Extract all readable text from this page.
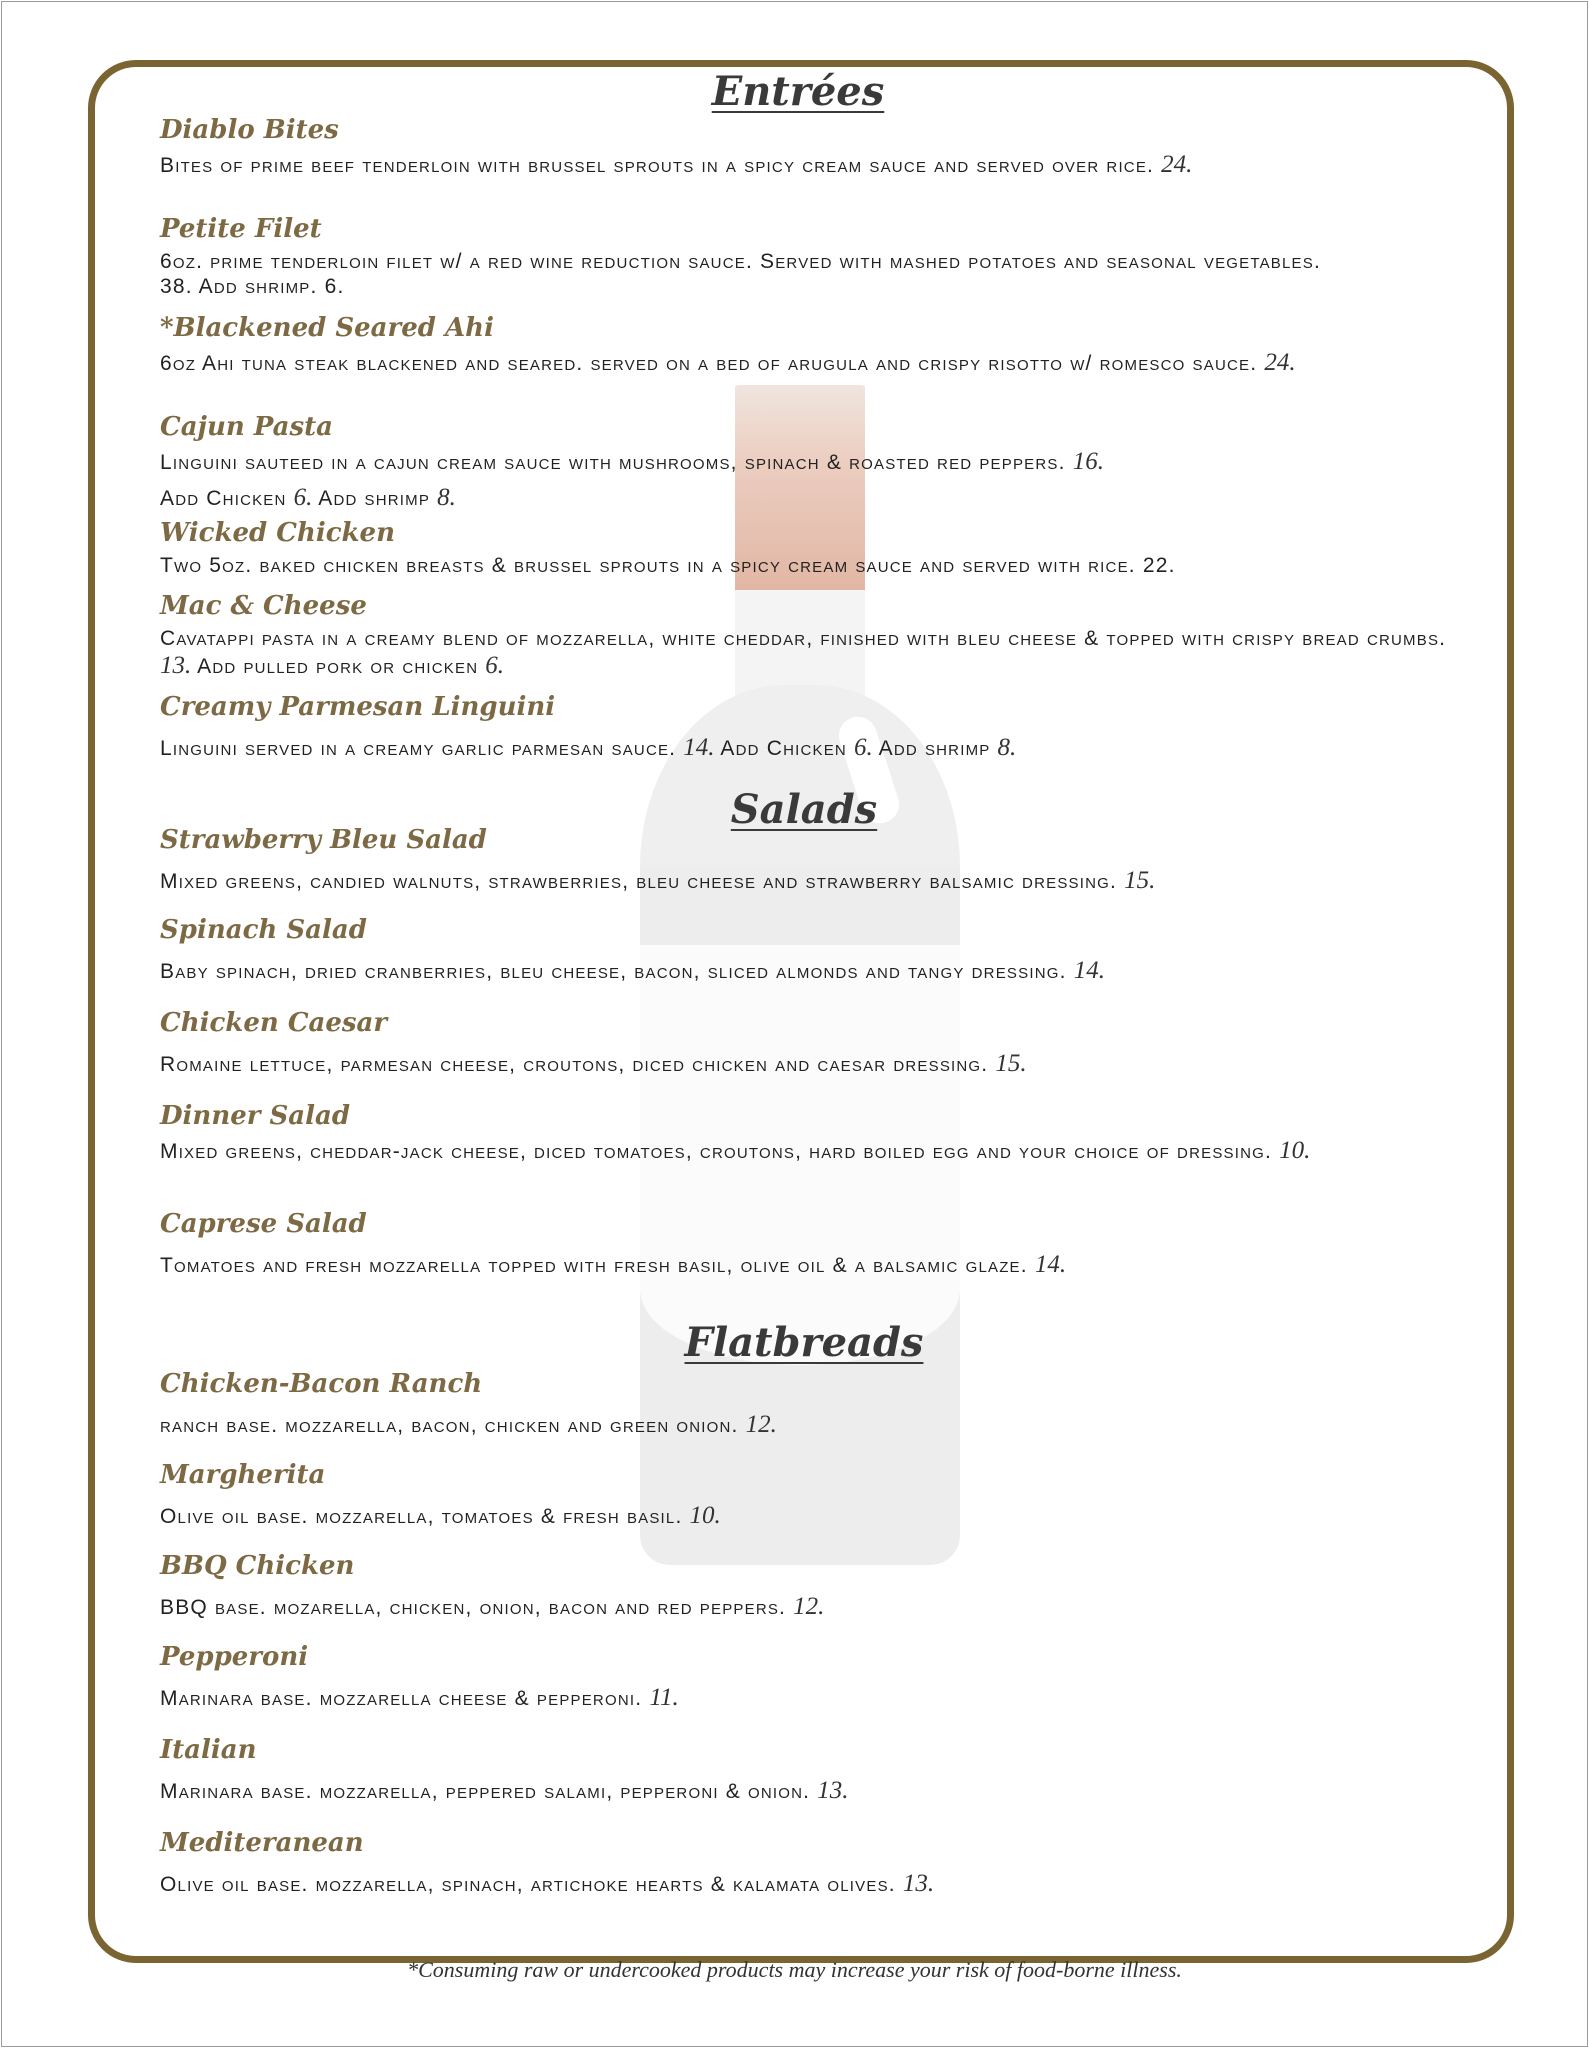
Entrées

Diablo Bites

Bites of prime beef tenderloin with brussel sprouts in a spicy cream sauce and served over rice. 24.

Petite Filet

6oz. prime tenderloin filet w/ a red wine reduction sauce. Served with mashed potatoes and seasonal vegetables. 38. Add shrimp. 6.

*Blackened Seared Ahi

6oz Ahi tuna steak blackened and seared. served on a bed of arugula and crispy risotto w/ romesco sauce. 24.

Cajun Pasta

Linguini sauteed in a cajun cream sauce with mushrooms, spinach & roasted red peppers. 16.

Add Chicken 6. Add shrimp 8.

Wicked Chicken

Two 5oz. baked chicken breasts & brussel sprouts in a spicy cream sauce and served with rice. 22.

Mac & Cheese

Cavatappi pasta in a creamy blend of mozzarella, white cheddar, finished with bleu cheese & topped with crispy bread crumbs. 13. Add pulled pork or chicken 6.

Creamy Parmesan Linguini

Linguini served in a creamy garlic parmesan sauce. 14. Add Chicken 6. Add shrimp 8.

Salads

Strawberry Bleu Salad

Mixed greens, candied walnuts, strawberries, bleu cheese and strawberry balsamic dressing. 15.

Spinach Salad

Baby spinach, dried cranberries, bleu cheese, bacon, sliced almonds and tangy dressing. 14.

Chicken Caesar

Romaine lettuce, parmesan cheese, croutons, diced chicken and caesar dressing. 15.

Dinner Salad

Mixed greens, cheddar-jack cheese, diced tomatoes, croutons, hard boiled egg and your choice of dressing. 10.

Caprese Salad

Tomatoes and fresh mozzarella topped with fresh basil, olive oil & a balsamic glaze. 14.

Flatbreads

Chicken-Bacon Ranch

ranch base. mozzarella, bacon, chicken and green onion. 12.

Margherita

Olive oil base. mozzarella, tomatoes & fresh basil. 10.

BBQ Chicken

BBQ base. mozarella, chicken, onion, bacon and red peppers. 12.

Pepperoni

Marinara base. mozzarella cheese & pepperoni. 11.

Italian

Marinara base. mozzarella, peppered salami, pepperoni & onion. 13.

Mediteranean

Olive oil base. mozzarella, spinach, artichoke hearts & kalamata olives. 13.

*Consuming raw or undercooked products may increase your risk of food-borne illness.
